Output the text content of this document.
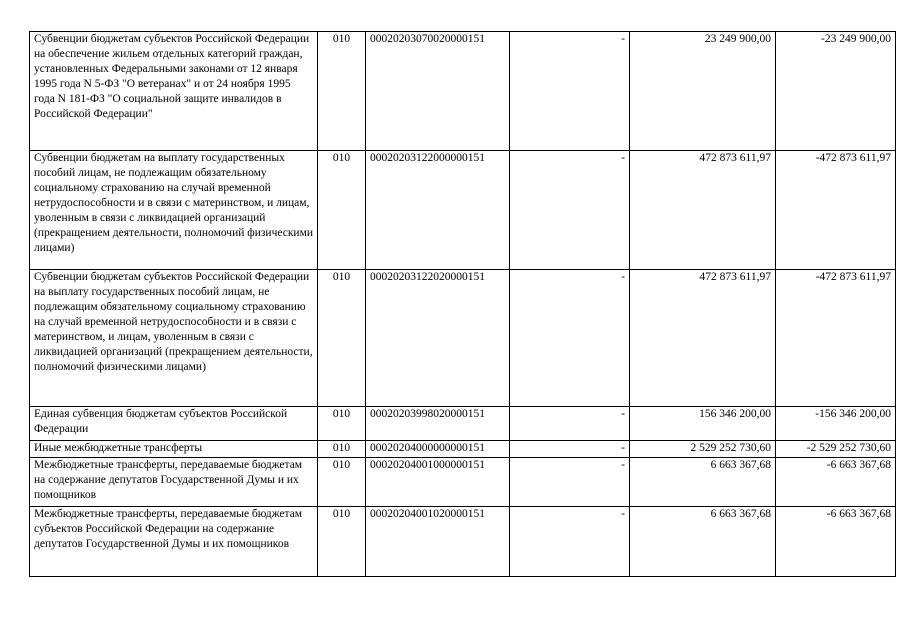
Субвенции бюджетам субъектов Российской Федерации на обеспечение жильем отдельных категорий граждан, установленных Федеральными законами от 12 января 1995 года N 5-ФЗ "О ветеранах" и от 24 ноября 1995 года N 181-ФЗ "О социальной защите инвалидов в Российской Федерации"	010	00020203070020000151	-	23 249 900,00	-23 249 900,00
Субвенции бюджетам на выплату государственных пособий лицам, не подлежащим обязательному социальному страхованию на случай временной нетрудоспособности и в связи с материнством, и лицам, уволенным в связи с ликвидацией организаций (прекращением деятельности, полномочий физическими лицами)	010	00020203122000000151	-	472 873 611,97	-472 873 611,97
Субвенции бюджетам субъектов Российской Федерации на выплату государственных пособий лицам, не подлежащим обязательному социальному страхованию на случай временной нетрудоспособности и в связи с материнством, и лицам, уволенным в связи с ликвидацией организаций (прекращением деятельности, полномочий физическими лицами)	010	00020203122020000151	-	472 873 611,97	-472 873 611,97
Единая субвенция бюджетам субъектов Российской Федерации	010	00020203998020000151	-	156 346 200,00	-156 346 200,00
Иные межбюджетные трансферты	010	00020204000000000151	-	2 529 252 730,60	-2 529 252 730,60
Межбюджетные трансферты, передаваемые бюджетам на содержание депутатов Государственной Думы и их помощников	010	00020204001000000151	-	6 663 367,68	-6 663 367,68
Межбюджетные трансферты, передаваемые бюджетам субъектов Российской Федерации на содержание депутатов Государственной Думы и их помощников	010	00020204001020000151	-	6 663 367,68	-6 663 367,68
